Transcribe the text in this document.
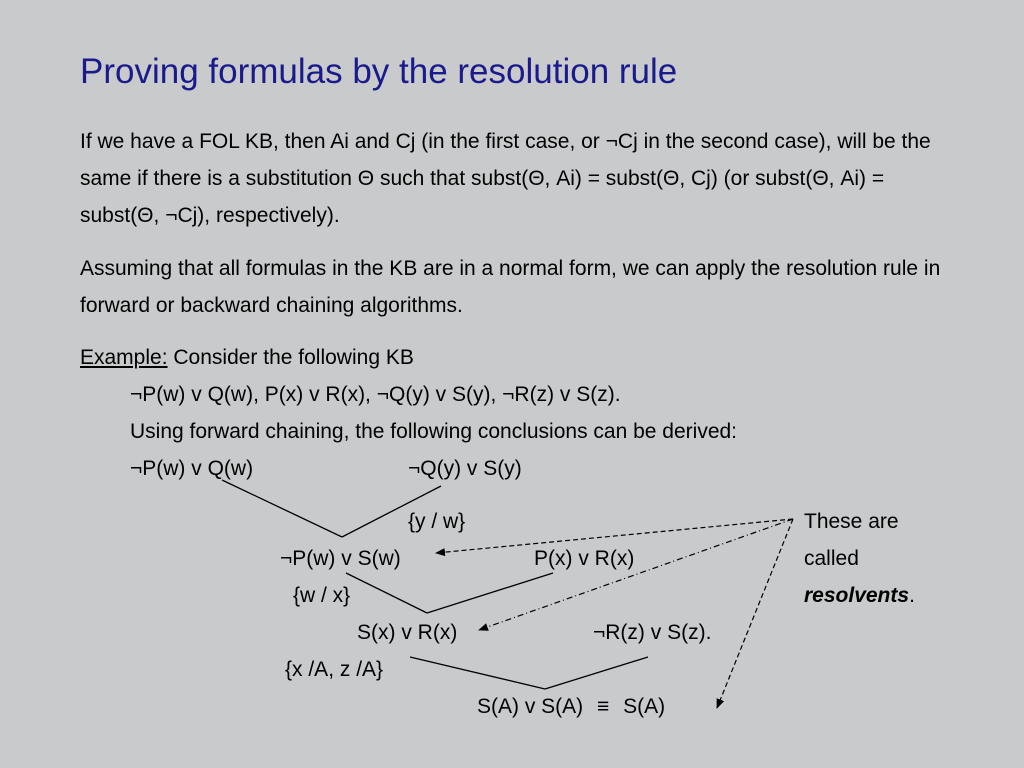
Proving formulas by the resolution rule
If we have a FOL KB, then Ai and Cj (in the first case, or ¬Cj in the second case), will be the same if there is a substitution Θ such that subst(Θ, Ai) = subst(Θ, Cj) (or subst(Θ, Ai) = subst(Θ, ¬Cj), respectively).
Assuming that all formulas in the KB are in a normal form, we can apply the resolution rule in forward or backward chaining algorithms.
Example: Consider the following KB
¬P(w) v Q(w), P(x) v R(x), ¬Q(y) v S(y), ¬R(z) v S(z).
Using forward chaining, the following conclusions can be derived:
¬P(w) v Q(w)	¬Q(y) v S(y)
{y / w}
¬P(w) v S(w)	P(x) v R(x)
{w / x}
S(x) v R(x)	¬R(z) v S(z).
{x /A, z /A}
S(A) v S(A) ≡ S(A)
These are
called
resolvents.
